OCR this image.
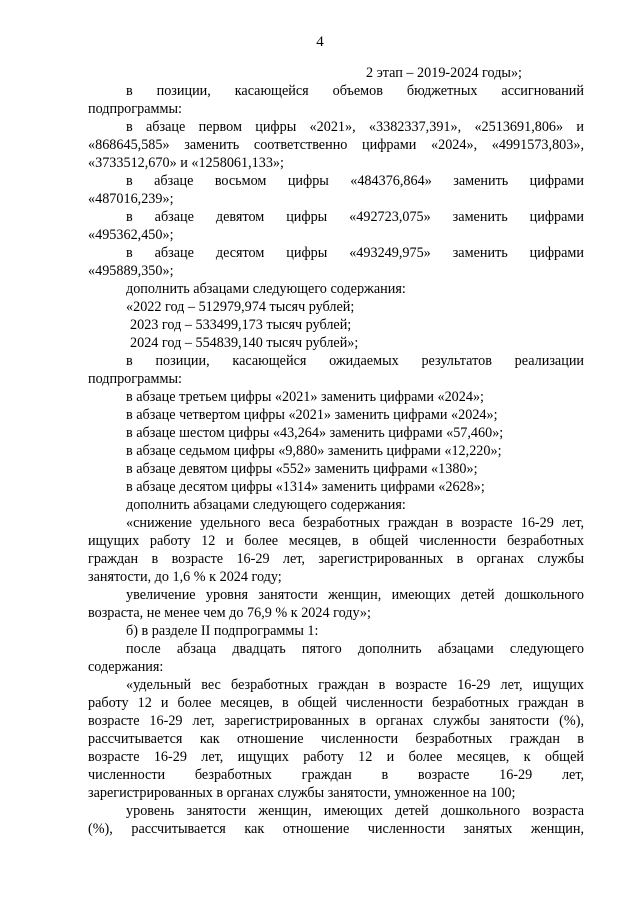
4
2 этап – 2019-2024 годы»;
в позиции, касающейся объемов бюджетных ассигнований
подпрограммы:
в абзаце первом цифры «2021», «3382337,391», «2513691,806» и
«868645,585» заменить соответственно цифрами «2024», «4991573,803»,
«3733512,670» и «1258061,133»;
в абзаце восьмом цифры «484376,864» заменить цифрами
«487016,239»;
в абзаце девятом цифры «492723,075» заменить цифрами
«495362,450»;
в абзаце десятом цифры «493249,975» заменить цифрами
«495889,350»;
дополнить абзацами следующего содержания:
«2022 год – 512979,974 тысяч рублей;
2023 год – 533499,173 тысяч рублей;
2024 год – 554839,140 тысяч рублей»;
в позиции, касающейся ожидаемых результатов реализации
подпрограммы:
в абзаце третьем цифры «2021» заменить цифрами «2024»;
в абзаце четвертом цифры «2021» заменить цифрами «2024»;
в абзаце шестом цифры «43,264» заменить цифрами «57,460»;
в абзаце седьмом цифры «9,880» заменить цифрами «12,220»;
в абзаце девятом цифры «552» заменить цифрами «1380»;
в абзаце десятом цифры «1314» заменить цифрами «2628»;
дополнить абзацами следующего содержания:
«снижение удельного веса безработных граждан в возрасте 16-29 лет,
ищущих работу 12 и более месяцев, в общей численности безработных
граждан в возрасте 16-29 лет, зарегистрированных в органах службы
занятости, до 1,6 % к 2024 году;
увеличение уровня занятости женщин, имеющих детей дошкольного
возраста, не менее чем до 76,9 % к 2024 году»;
б) в разделе II подпрограммы 1:
после абзаца двадцать пятого дополнить абзацами следующего
содержания:
«удельный вес безработных граждан в возрасте 16-29 лет, ищущих
работу 12 и более месяцев, в общей численности безработных граждан в
возрасте 16-29 лет, зарегистрированных в органах службы занятости (%),
рассчитывается как отношение численности безработных граждан в
возрасте 16-29 лет, ищущих работу 12 и более месяцев, к общей
численности безработных граждан в возрасте 16-29 лет,
зарегистрированных в органах службы занятости, умноженное на 100;
уровень занятости женщин, имеющих детей дошкольного возраста
(%), рассчитывается как отношение численности занятых женщин,
